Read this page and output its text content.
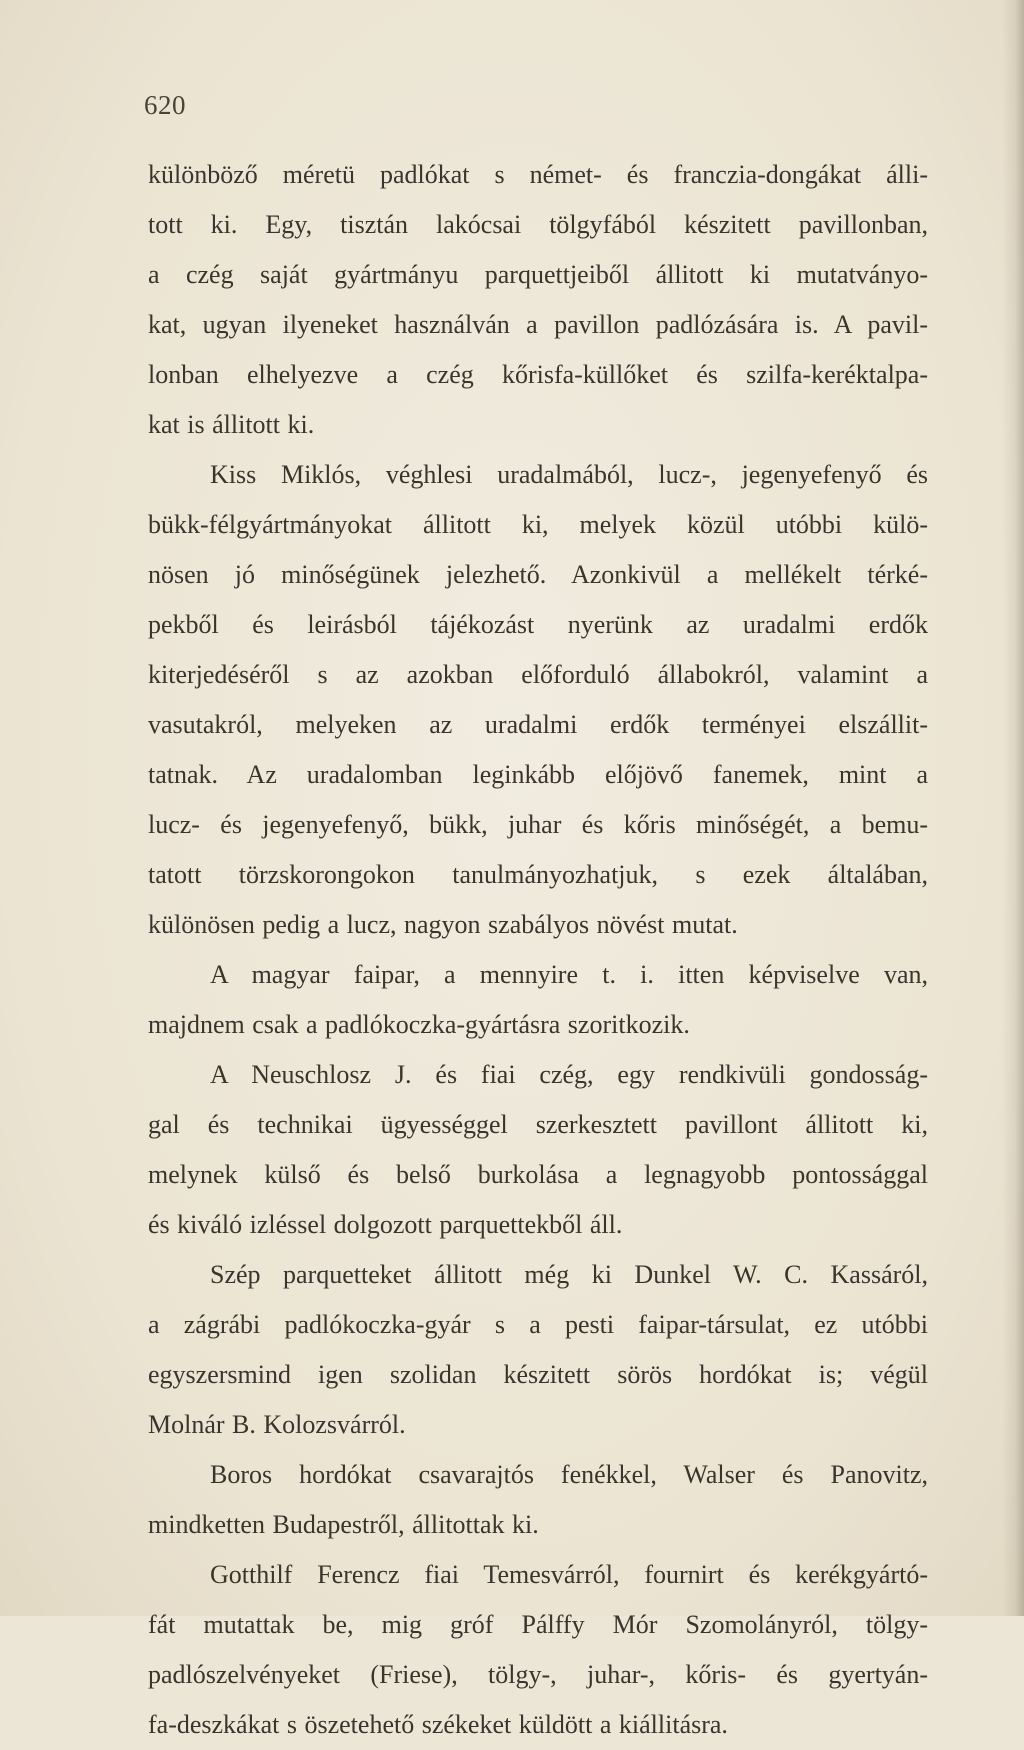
620
különböző méretü padlókat s német- és franczia-dongákat álli-
tott ki. Egy, tisztán lakócsai tölgyfából készitett pavillonban,
a czég saját gyártmányu parquettjeiből állitott ki mutatványo-
kat, ugyan ilyeneket használván a pavillon padlózására is. A pavil-
lonban elhelyezve a czég kőrisfa-küllőket és szilfa-keréktalpa-
kat is állitott ki.
Kiss Miklós, véghlesi uradalmából, lucz-, jegenyefenyő és
bükk-félgyártmányokat állitott ki, melyek közül utóbbi külö-
nösen jó minőségünek jelezhető. Azonkivül a mellékelt térké-
pekből és leirásból tájékozást nyerünk az uradalmi erdők
kiterjedéséről s az azokban előforduló állabokról, valamint a
vasutakról, melyeken az uradalmi erdők terményei elszállit-
tatnak. Az uradalomban leginkább előjövő fanemek, mint a
lucz- és jegenyefenyő, bükk, juhar és kőris minőségét, a bemu-
tatott törzskorongokon tanulmányozhatjuk, s ezek általában,
különösen pedig a lucz, nagyon szabályos növést mutat.
A magyar faipar, a mennyire t. i. itten képviselve van,
majdnem csak a padlókoczka-gyártásra szoritkozik.
A Neuschlosz J. és fiai czég, egy rendkivüli gondosság-
gal és technikai ügyességgel szerkesztett pavillont állitott ki,
melynek külső és belső burkolása a legnagyobb pontossággal
és kiváló izléssel dolgozott parquettekből áll.
Szép parquetteket állitott még ki Dunkel W. C. Kassáról,
a zágrábi padlókoczka-gyár s a pesti faipar-társulat, ez utóbbi
egyszersmind igen szolidan készitett sörös hordókat is; végül
Molnár B. Kolozsvárról.
Boros hordókat csavarajtós fenékkel, Walser és Panovitz,
mindketten Budapestről, állitottak ki.
Gotthilf Ferencz fiai Temesvárról, fournirt és kerékgyártó-
fát mutattak be, mig gróf Pálffy Mór Szomolányról, tölgy-
padlószelvényeket (Friese), tölgy-, juhar-, kőris- és gyertyán-
fa-deszkákat s öszetehető székeket küldött a kiállitásra.
